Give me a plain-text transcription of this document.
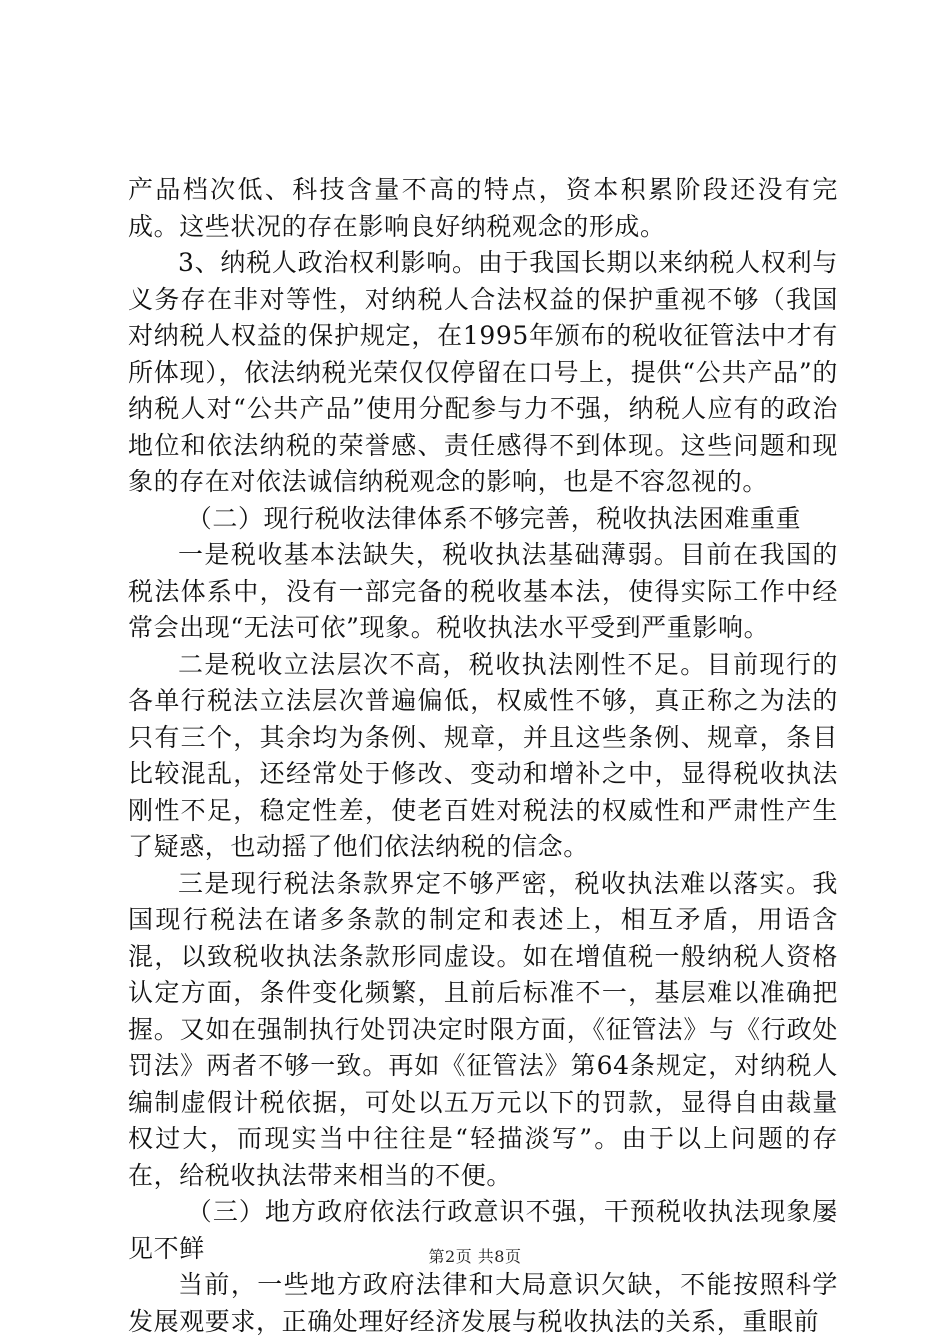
产品档次低、科技含量不高的特点，资本积累阶段还没有完成。这些状况的存在影响良好纳税观念的形成。

3、纳税人政治权利影响。由于我国长期以来纳税人权利与义务存在非对等性，对纳税人合法权益的保护重视不够（我国对纳税人权益的保护规定，在1995年颁布的税收征管法中才有所体现），依法纳税光荣仅仅停留在口号上，提供“公共产品”的纳税人对“公共产品”使用分配参与力不强，纳税人应有的政治地位和依法纳税的荣誉感、责任感得不到体现。这些问题和现象的存在对依法诚信纳税观念的影响，也是不容忽视的。

（二）现行税收法律体系不够完善，税收执法困难重重

一是税收基本法缺失，税收执法基础薄弱。目前在我国的税法体系中，没有一部完备的税收基本法，使得实际工作中经常会出现“无法可依”现象。税收执法水平受到严重影响。

二是税收立法层次不高，税收执法刚性不足。目前现行的各单行税法立法层次普遍偏低，权威性不够，真正称之为法的只有三个，其余均为条例、规章，并且这些条例、规章，条目比较混乱，还经常处于修改、变动和增补之中，显得税收执法刚性不足，稳定性差，使老百姓对税法的权威性和严肃性产生了疑惑，也动摇了他们依法纳税的信念。

三是现行税法条款界定不够严密，税收执法难以落实。我国现行税法在诸多条款的制定和表述上，相互矛盾，用语含混，以致税收执法条款形同虚设。如在增值税一般纳税人资格认定方面，条件变化频繁，且前后标准不一，基层难以准确把握。又如在强制执行处罚决定时限方面，《征管法》与《行政处罚法》两者不够一致。再如《征管法》第64条规定，对纳税人编制虚假计税依据，可处以五万元以下的罚款，显得自由裁量权过大，而现实当中往往是“轻描淡写”。由于以上问题的存在，给税收执法带来相当的不便。

（三）地方政府依法行政意识不强，干预税收执法现象屡见不鲜

当前，一些地方政府法律和大局意识欠缺，不能按照科学发展观要求，正确处理好经济发展与税收执法的关系，重眼前

第2页 共8页
